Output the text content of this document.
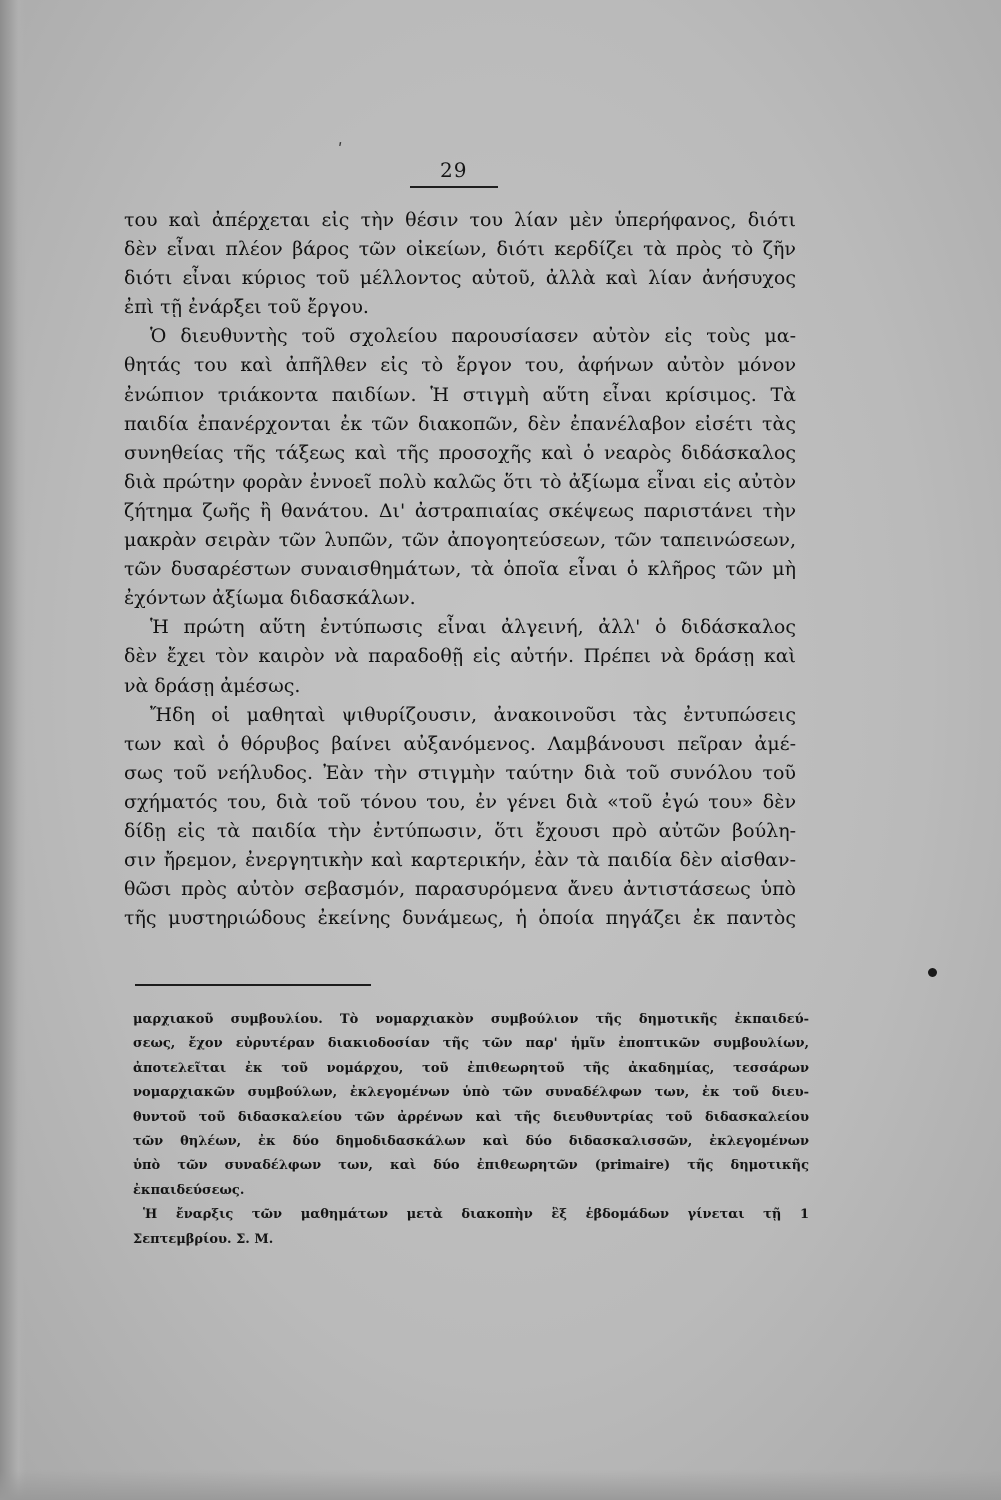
ʹ
29
του καὶ ἀπέρχεται εἰς τὴν θέσιν του λίαν μὲν ὑπερήφανος, διότι
δὲν εἶναι πλέον βάρος τῶν οἰκείων, διότι κερδίζει τὰ πρὸς τὸ ζῆν
διότι εἶναι κύριος τοῦ μέλλοντος αὐτοῦ, ἀλλὰ καὶ λίαν ἀνήσυχος
ἐπὶ τῇ ἐνάρξει τοῦ ἔργου.
Ὁ διευθυντὴς τοῦ σχολείου παρουσίασεν αὐτὸν εἰς τοὺς μα-
θητάς του καὶ ἀπῆλθεν εἰς τὸ ἔργον του, ἀφήνων αὐτὸν μόνον
ἐνώπιον τριάκοντα παιδίων. Ἡ στιγμὴ αὕτη εἶναι κρίσιμος. Τὰ
παιδία ἐπανέρχονται ἐκ τῶν διακοπῶν, δὲν ἐπανέλαβον εἰσέτι τὰς
συνηθείας τῆς τάξεως καὶ τῆς προσοχῆς καὶ ὁ νεαρὸς διδάσκαλος
διὰ πρώτην φορὰν ἐννοεῖ πολὺ καλῶς ὅτι τὸ ἀξίωμα εἶναι εἰς αὐτὸν
ζήτημα ζωῆς ἢ θανάτου. Δι' ἀστραπιαίας σκέψεως παριστάνει τὴν
μακρὰν σειρὰν τῶν λυπῶν, τῶν ἀπογοητεύσεων, τῶν ταπεινώσεων,
τῶν δυσαρέστων συναισθημάτων, τὰ ὁποῖα εἶναι ὁ κλῆρος τῶν μὴ
ἐχόντων ἀξίωμα διδασκάλων.
Ἡ πρώτη αὕτη ἐντύπωσις εἶναι ἀλγεινή, ἀλλ' ὁ διδάσκαλος
δὲν ἔχει τὸν καιρὸν νὰ παραδοθῇ εἰς αὐτήν. Πρέπει νὰ δράσῃ καὶ
νὰ δράσῃ ἀμέσως.
Ἤδη οἱ μαθηταὶ ψιθυρίζουσιν, ἀνακοινοῦσι τὰς ἐντυπώσεις
των καὶ ὁ θόρυβος βαίνει αὐξανόμενος. Λαμβάνουσι πεῖραν ἀμέ-
σως τοῦ νεήλυδος. Ἐὰν τὴν στιγμὴν ταύτην διὰ τοῦ συνόλου τοῦ
σχήματός του, διὰ τοῦ τόνου του, ἐν γένει διὰ «τοῦ ἐγώ του» δὲν
δίδῃ εἰς τὰ παιδία τὴν ἐντύπωσιν, ὅτι ἔχουσι πρὸ αὐτῶν βούλη-
σιν ἤρεμον, ἐνεργητικὴν καὶ καρτερικήν, ἐὰν τὰ παιδία δὲν αἰσθαν-
θῶσι πρὸς αὐτὸν σεβασμόν, παρασυρόμενα ἄνευ ἀντιστάσεως ὑπὸ
τῆς μυστηριώδους ἐκείνης δυνάμεως, ἡ ὁποία πηγάζει ἐκ παντὸς
μαρχιακοῦ συμβουλίου. Τὸ νομαρχιακὸν συμβούλιον τῆς δημοτικῆς ἐκπαιδεύ-
σεως, ἔχον εὐρυτέραν διακιοδοσίαν τῆς τῶν παρ' ἡμῖν ἐποπτικῶν συμβουλίων,
ἀποτελεῖται ἐκ τοῦ νομάρχου, τοῦ ἐπιθεωρητοῦ τῆς ἀκαδημίας, τεσσάρων
νομαρχιακῶν συμβούλων, ἐκλεγομένων ὑπὸ τῶν συναδέλφων των, ἐκ τοῦ διευ-
θυντοῦ τοῦ διδασκαλείου τῶν ἀρρένων καὶ τῆς διευθυντρίας τοῦ διδασκαλείου
τῶν θηλέων, ἐκ δύο δημοδιδασκάλων καὶ δύο διδασκαλισσῶν, ἐκλεγομένων
ὑπὸ τῶν συναδέλφων των, καὶ δύο ἐπιθεωρητῶν (primaire) τῆς δημοτικῆς
ἐκπαιδεύσεως.
Ἡ ἔναρξις τῶν μαθημάτων μετὰ διακοπὴν ἓξ ἑβδομάδων γίνεται τῇ 1
Σεπτεμβρίου. Σ. Μ.
